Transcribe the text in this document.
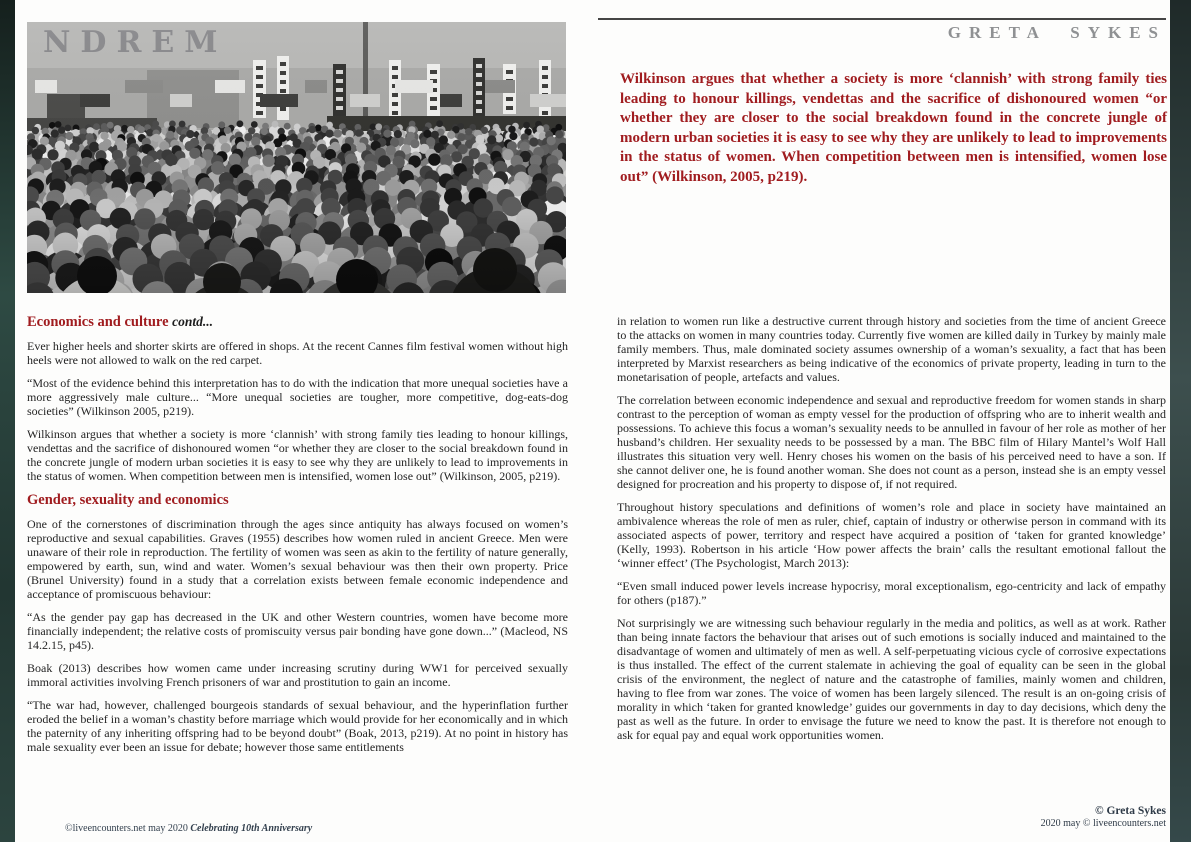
GRETA SYKES
Wilkinson argues that whether a society is more ‘clannish’ with strong family ties leading to honour killings, vendettas and the sacrifice of dishonoured women “or whether they are closer to the social breakdown found in the concrete jungle of modern urban societies it is easy to see why they are unlikely to lead to improvements in the status of women. When competition between men is intensified, women lose out” (Wilkinson, 2005, p219).
Economics and culture contd...

Ever higher heels and shorter skirts are offered in shops. At the recent Cannes film festival women without high heels were not allowed to walk on the red carpet.

“Most of the evidence behind this interpretation has to do with the indication that more unequal societies have a more aggressively male culture... “More unequal societies are tougher, more competitive, dog-eats-dog societies” (Wilkinson 2005, p219).

Wilkinson argues that whether a society is more ‘clannish’ with strong family ties leading to honour killings, vendettas and the sacrifice of dishonoured women “or whether they are closer to the social breakdown found in the concrete jungle of modern urban societies it is easy to see why they are unlikely to lead to improvements in the status of women. When competition between men is intensified, women lose out” (Wilkinson, 2005, p219).

Gender, sexuality and economics

One of the cornerstones of discrimination through the ages since antiquity has always focused on women’s reproductive and sexual capabilities. Graves (1955) describes how women ruled in ancient Greece. Men were unaware of their role in reproduction. The fertility of women was seen as akin to the fertility of nature generally, empowered by earth, sun, wind and water. Women’s sexual behaviour was then their own property. Price (Brunel University) found in a study that a correlation exists between female economic independence and acceptance of promiscuous behaviour:

“As the gender pay gap has decreased in the UK and other Western countries, women have become more financially independent; the relative costs of promiscuity versus pair bonding have gone down...” (Macleod, NS 14.2.15, p45).

Boak (2013) describes how women came under increasing scrutiny during WW1 for perceived sexually immoral activities involving French prisoners of war and prostitution to gain an income.

“The war had, however, challenged bourgeois standards of sexual behaviour, and the hyperinflation further eroded the belief in a woman’s chastity before marriage which would provide for her economically and in which the paternity of any inheriting offspring had to be beyond doubt” (Boak, 2013, p219). At no point in history has male sexuality ever been an issue for debate; however those same entitlements

in relation to women run like a destructive current through history and societies from the time of ancient Greece to the attacks on women in many countries today. Currently five women are killed daily in Turkey by mainly male family members. Thus, male dominated society assumes ownership of a woman’s sexuality, a fact that has been interpreted by Marxist researchers as being indicative of the economics of private property, leading in turn to the monetarisation of people, artefacts and values.

The correlation between economic independence and sexual and reproductive freedom for women stands in sharp contrast to the perception of woman as empty vessel for the production of offspring who are to inherit wealth and possessions. To achieve this focus a woman’s sexuality needs to be annulled in favour of her role as mother of her husband’s children. Her sexuality needs to be possessed by a man. The BBC film of Hilary Mantel’s Wolf Hall illustrates this situation very well. Henry choses his women on the basis of his perceived need to have a son. If she cannot deliver one, he is found another woman. She does not count as a person, instead she is an empty vessel designed for procreation and his property to dispose of, if not required.

Throughout history speculations and definitions of women’s role and place in society have maintained an ambivalence whereas the role of men as ruler, chief, captain of industry or otherwise person in command with its associated aspects of power, territory and respect have acquired a position of ‘taken for granted knowledge’ (Kelly, 1993). Robertson in his article ‘How power affects the brain’ calls the resultant emotional fallout the ‘winner effect’ (The Psychologist, March 2013):

“Even small induced power levels increase hypocrisy, moral exceptionalism, ego-centricity and lack of empathy for others (p187).”

Not surprisingly we are witnessing such behaviour regularly in the media and politics, as well as at work. Rather than being innate factors the behaviour that arises out of such emotions is socially induced and maintained to the disadvantage of women and ultimately of men as well. A self-perpetuating vicious cycle of corrosive expectations is thus installed. The effect of the current stalemate in achieving the goal of equality can be seen in the global crisis of the environment, the neglect of nature and the catastrophe of families, mainly women and children, having to flee from war zones. The voice of women has been largely silenced. The result is an on-going crisis of morality in which ‘taken for granted knowledge’ guides our governments in day to day decisions, which deny the past as well as the future. In order to envisage the future we need to know the past. It is therefore not enough to ask for equal pay and equal work opportunities women.

©liveencounters.net may 2020 Celebrating 10th Anniversary
© Greta Sykes
2020 may © liveencounters.net
